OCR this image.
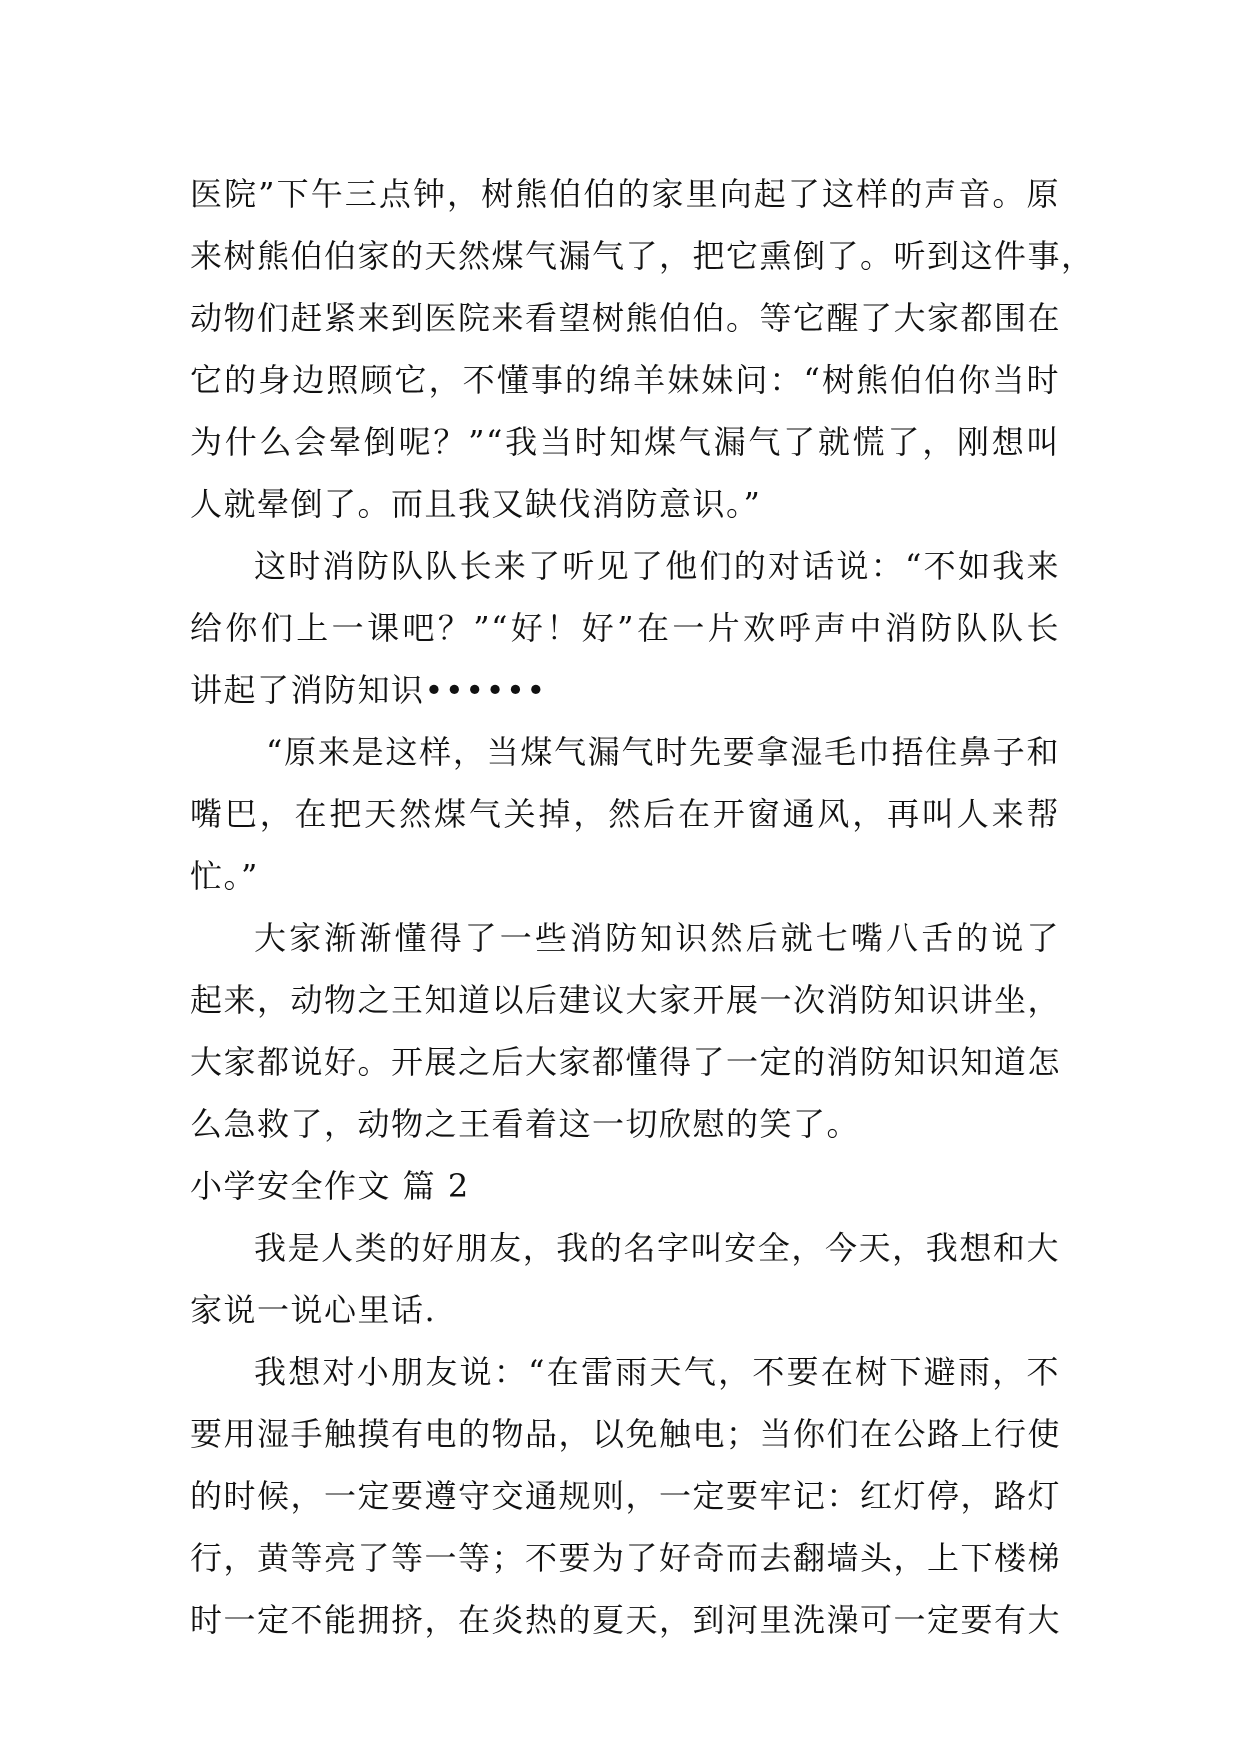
医院”下午三点钟，树熊伯伯的家里向起了这样的声音。原
来树熊伯伯家的天然煤气漏气了，把它熏倒了。听到这件事，
动物们赶紧来到医院来看望树熊伯伯。等它醒了大家都围在
它的身边照顾它，不懂事的绵羊妹妹问：“树熊伯伯你当时
为什么会晕倒呢？”“我当时知煤气漏气了就慌了，刚想叫
人就晕倒了。而且我又缺伐消防意识。”
这时消防队队长来了听见了他们的对话说：“不如我来
给你们上一课吧？”“好！好”在一片欢呼声中消防队队长
讲起了消防知识••••••
“原来是这样，当煤气漏气时先要拿湿毛巾捂住鼻子和
嘴巴，在把天然煤气关掉，然后在开窗通风，再叫人来帮
忙。”
大家渐渐懂得了一些消防知识然后就七嘴八舌的说了
起来，动物之王知道以后建议大家开展一次消防知识讲坐，
大家都说好。开展之后大家都懂得了一定的消防知识知道怎
么急救了，动物之王看着这一切欣慰的笑了。
小学安全作文 篇 2
我是人类的好朋友，我的名字叫安全，今天，我想和大
家说一说心里话.
我想对小朋友说：“在雷雨天气，不要在树下避雨，不
要用湿手触摸有电的物品，以免触电；当你们在公路上行使
的时候，一定要遵守交通规则，一定要牢记：红灯停，路灯
行，黄等亮了等一等；不要为了好奇而去翻墙头，上下楼梯
时一定不能拥挤，在炎热的夏天，到河里洗澡可一定要有大
